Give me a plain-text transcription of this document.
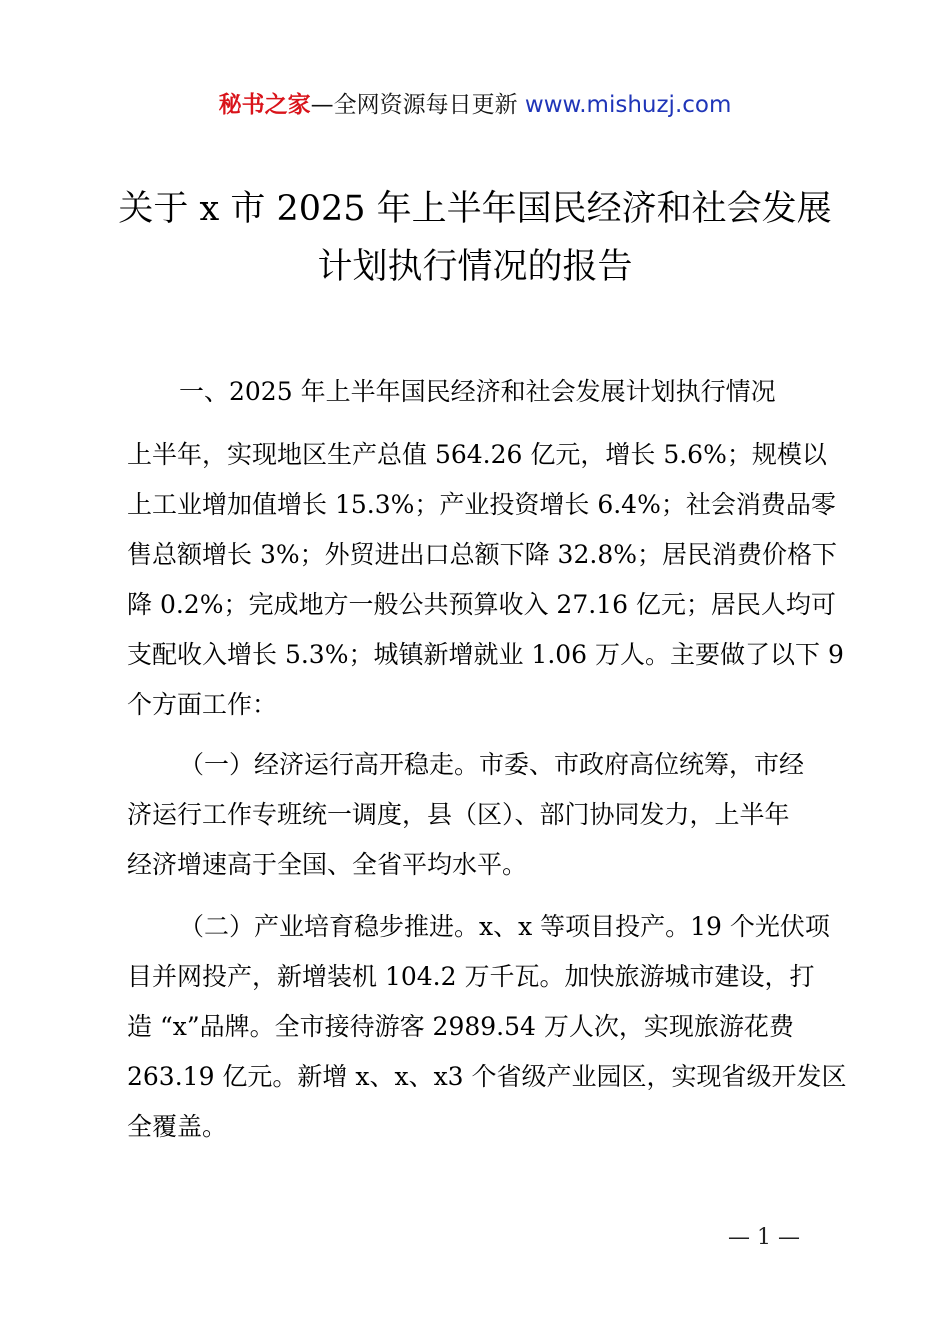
秘书之家—全网资源每日更新 www.mishuzj.com
关于 x 市 2025 年上半年国民经济和社会发展
计划执行情况的报告

一、2025 年上半年国民经济和社会发展计划执行情况

上半年，实现地区生产总值 564.26 亿元，增长 5.6%；规模以
上工业增加值增长 15.3%；产业投资增长 6.4%；社会消费品零
售总额增长 3%；外贸进出口总额下降 32.8%；居民消费价格下
降 0.2%；完成地方一般公共预算收入 27.16 亿元；居民人均可
支配收入增长 5.3%；城镇新增就业 1.06 万人。主要做了以下 9
个方面工作：

（一）经济运行高开稳走。市委、市政府高位统筹，市经
济运行工作专班统一调度，县（区）、部门协同发力，上半年
经济增速高于全国、全省平均水平。

（二）产业培育稳步推进。x、x 等项目投产。19 个光伏项
目并网投产，新增装机 104.2 万千瓦。加快旅游城市建设，打
造 “x”品牌。全市接待游客 2989.54 万人次，实现旅游花费
263.19 亿元。新增 x、x、x3 个省级产业园区，实现省级开发区
全覆盖。

— 1 —
